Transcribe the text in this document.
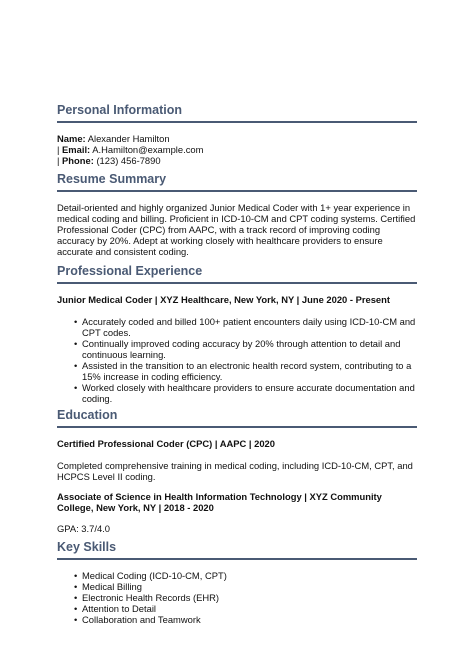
Personal Information

Name: Alexander Hamilton

| Email: A.Hamilton@example.com

| Phone: (123) 456-7890

Resume Summary

Detail-oriented and highly organized Junior Medical Coder with 1+ year experience in medical coding and billing. Proficient in ICD-10-CM and CPT coding systems. Certified Professional Coder (CPC) from AAPC, with a track record of improving coding accuracy by 20%. Adept at working closely with healthcare providers to ensure accurate and consistent coding.

Professional Experience

Junior Medical Coder | XYZ Healthcare, New York, NY | June 2020 - Present

• Accurately coded and billed 100+ patient encounters daily using ICD-10-CM and CPT codes.
• Continually improved coding accuracy by 20% through attention to detail and continuous learning.
• Assisted in the transition to an electronic health record system, contributing to a 15% increase in coding efficiency.
• Worked closely with healthcare providers to ensure accurate documentation and coding.
Education

Certified Professional Coder (CPC) | AAPC | 2020

Completed comprehensive training in medical coding, including ICD-10-CM, CPT, and HCPCS Level II coding.

Associate of Science in Health Information Technology | XYZ Community College, New York, NY | 2018 - 2020

GPA: 3.7/4.0

Key Skills
• Medical Coding (ICD-10-CM, CPT)
• Medical Billing
• Electronic Health Records (EHR)
• Attention to Detail
• Collaboration and Teamwork
